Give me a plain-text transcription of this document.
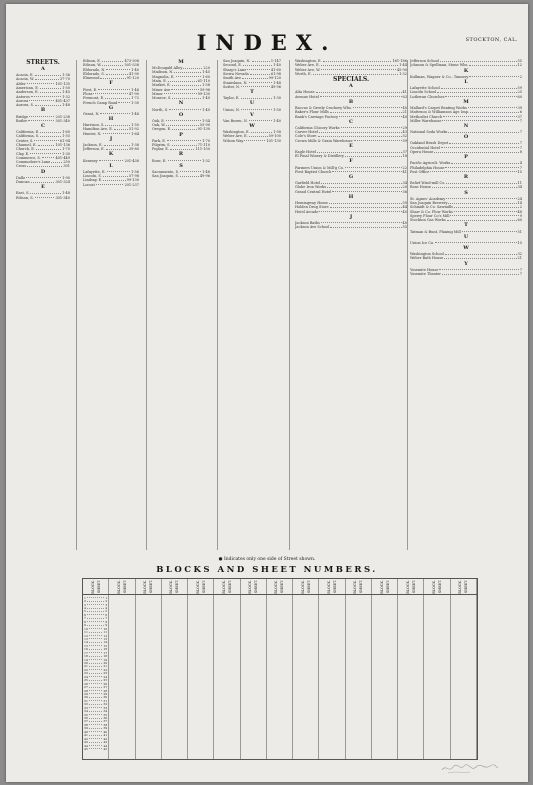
INDEX.	STOCKTON, CAL.
STREETS.
A
Acacia, E.	1-36
Acacia, W.	37-70
Alder	101-135
American, E.	1-50
Anderson, E.	1-45
Anteros	1-32
Aurora	401-437
Aurora, S.	1-48
B
Bridge	201-238
Butler	301-340
C
California, E.	1-60
California, S.	1-55
Center, S.	61-94
Channel, E.	101-136
Church, E.	1-70
Clay, E.	1-30
Commerce, S.	401-449
Commodore's Lane	250
Cross	301
D
Dalle	1-90
Duncan	301-324
E
East, S.	1-48
Edison, S.	301-340
Edison, E.	473-508
Edison, W.	501-538
Eldorado, N.	1-40
Eldorado, S.	41-90
Elmwood	91-120
F
First, E.	1-46
Flora	47-90
Fremont, E.	1-72
French Camp Road	1-30
G
Grant, N.	1-48
H
Harrison, S.	1-50
Hamilton Ave, E.	51-92
Hunter, N.	1-64
J
Jackson, E.	1-38
Jefferson, E.	39-80
K
Kearney	201-438
L
Lafayette, E.	1-56
Lincoln, S.	57-98
Lindsay, E.	99-130
Locust	201-237
M
McDougald Alley	220
Madison, N.	1-45
Magnolia, E.	1-60
Main, E.	61-110
Market, E.	1-58
Miner Ave	59-98
Minor	99-130
Monroe, S.	1-40
N
North, S.	1-40
O
Oak, E.	1-54
Oak, W.	55-90
Oregon, E.	91-130
P
Park, E.	1-70
Pilgrim, S.	71-110
Poplar, E.	111-150
R
Rose, E.	1-32
S
Sacramento, S.	1-48
San Joaquin, S.	49-96
San Joaquin, N.	1-147
Second, E.	1-40
Sharp's Lane	41-60
Sierra Nevada	61-98
Smith Ave	99-120
Stanislaus, N.	1-48
Sutter, N.	49-96
T
Taylor, E.	1-30
U
Union, N.	1-50
V
Van Buren, N.	1-40
W
Washington, E.	1-58
Weber Ave, E.	59-100
Wilson Way	101-130
Washington, E.	161-186
Weber Ave, E.	1-44
Weber Ave, W.	45-90
Worth, E.	1-32
SPECIALS.
A
Alta House	41
Avenue Hotel	63
B
Baccus & Greely Crockery Whs.	40
Baker's Flour Mills	21
Bank's Carriage Factory	40
C
California Chicory Works	29
Carver Hotel	43
Cole's Store	52
Crown Mills & Grain Warehouse	59
E
Eagle Hotel	37
El Pinal Winery & Distillery	18
F
Farmers Union & Mill'g Co.	22
First Baptist Church	41
G
Garfield Hotel	34
Globe Iron Works	20
Grand Central Hotel	36
H
Hemingway Home	59
Holden Drug Store	44
Hotel Arcade	40
J
Jackson Baths	40
Jackson Ave School	55
Jefferson School	55
Johnson & Spellman, Stone Whs.	12
K
Kullman, Wagner & Co., Tannery	2
L
Lafayette School	59
Lincoln School	25
Lutheran Churches	60
M
Mallard's Carpet Beating Works	39
Matteson & Williamson Agr. Imp.	6
Methodist Church	37
Miller Warehouse	7
N
National Soda Works	7
O
Oakland Brush Depot	7
Occidental Hotel	7
Opera House	8
P
Pacific Agricult. Works	4
Philadelphia House	7
Post Office	15
R
Relief Wind-mill Co.	11
Rose House	34
S
St. Agnes' Academy	24
San Joaquin Brewery	14
Schmidt & Co. Sawmills	2
Shaw & Co. Plow Works	48
Sperry Flour Co's Mill	9
Stockton Gas Works	60
T
Tatman & Bunt, Planing Mill	51
U
Union Ice Co.	15
W
Washington School	32
Weber Bath House	21
Y
Yosemite House	7
Yosemite Theater	7
● Indicates only one side of Street shown.
BLOCKS AND SHEET NUMBERS.
BLOCK. SHEET.	BLOCK. SHEET.	BLOCK. SHEET.	BLOCK. SHEET.	BLOCK. SHEET.	BLOCK. SHEET.	BLOCK. SHEET.	BLOCK. SHEET.	BLOCK. SHEET.	BLOCK. SHEET.	BLOCK. SHEET.	BLOCK. SHEET.	BLOCK. SHEET.	BLOCK. SHEET.	BLOCK. SHEET.
1	1
2	2
3	3
4	4
5	5
6	6
7	7
8	8
9	9
10	10
11	11
12	12
13	13
14	14
15	15
16	16
17	17
18	18
19	19
20	20
21	21
22	22
23	23
24	24
25	25
26	26
27	27
28	28
29	29
30	30
31	31
32	32
33	33
34	34
35	35
36	36
37	37
38	38
39	39
40	40
41	41
42	42
43	43
44	44
45	45
